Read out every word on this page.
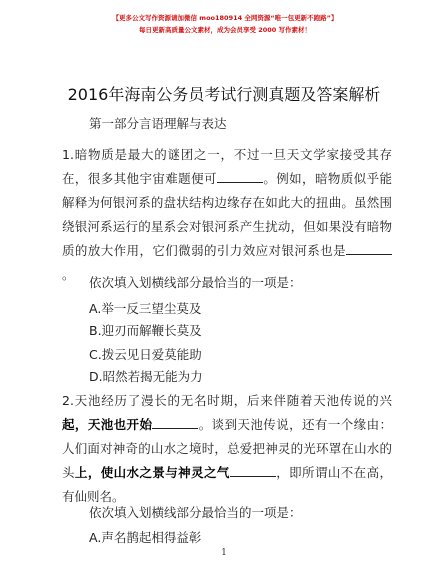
【更多公文写作资源请加微信 moo180914 全网资源“唯一包更新不跑路”】
每日更新高质量公文素材，成为会员享受 2000 写作素材！
2016年海南公务员考试行测真题及答案解析
第一部分言语理解与表达
1.暗物质是最大的谜团之一，不过一旦天文学家接受其存在，很多其他宇宙难题便可	。例如，暗物质似乎能解释为何银河系的盘状结构边缘存在如此大的扭曲。虽然围绕银河系运行的星系会对银河系产生扰动，但如果没有暗物质的放大作用，它们微弱的引力效应对银河系也是。
依次填入划横线部分最恰当的一项是：
A.举一反三望尘莫及
B.迎刃而解鞭长莫及
C.拨云见日爱莫能助
D.昭然若揭无能为力
2.天池经历了漫长的无名时期，后来伴随着天池传说的兴起，天池也开始	。谈到天池传说，还有一个缘由：人们面对神奇的山水之境时，总爱把神灵的光环罩在山水的头上，使山水之景与神灵之气	，即所谓山不在高，有仙则名。
依次填入划横线部分最恰当的一项是：
A.声名鹊起相得益彰
1
